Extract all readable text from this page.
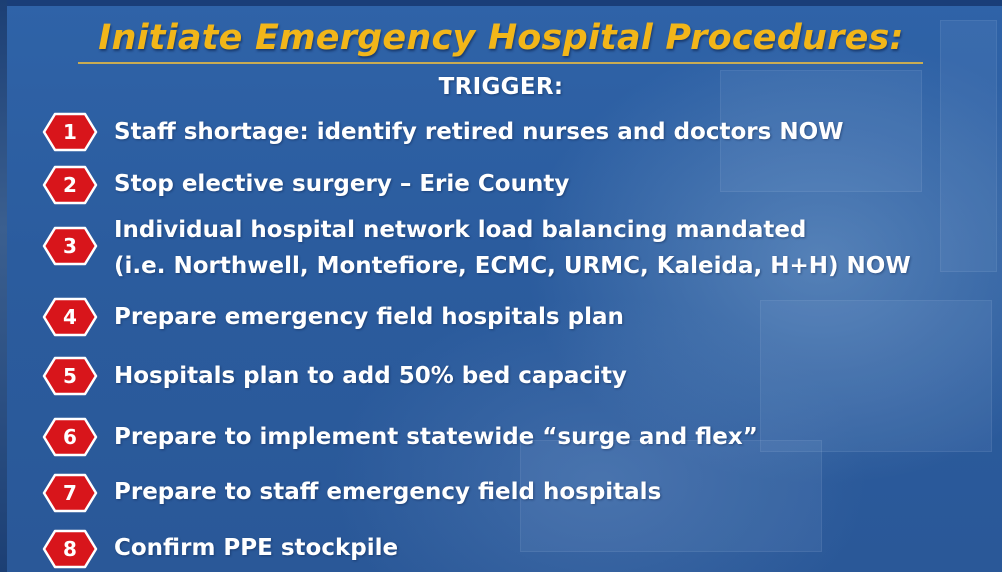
Initiate Emergency Hospital Procedures:
TRIGGER:
1	Staff shortage: identify retired nurses and doctors NOW
2	Stop elective surgery – Erie County
3
Individual hospital network load balancing mandated
(i.e. Northwell, Montefiore, ECMC, URMC, Kaleida, H+H) NOW
4	Prepare emergency field hospitals plan
5	Hospitals plan to add 50% bed capacity
6	Prepare to implement statewide “surge and flex”
7	Prepare to staff emergency field hospitals
8	Confirm PPE stockpile
